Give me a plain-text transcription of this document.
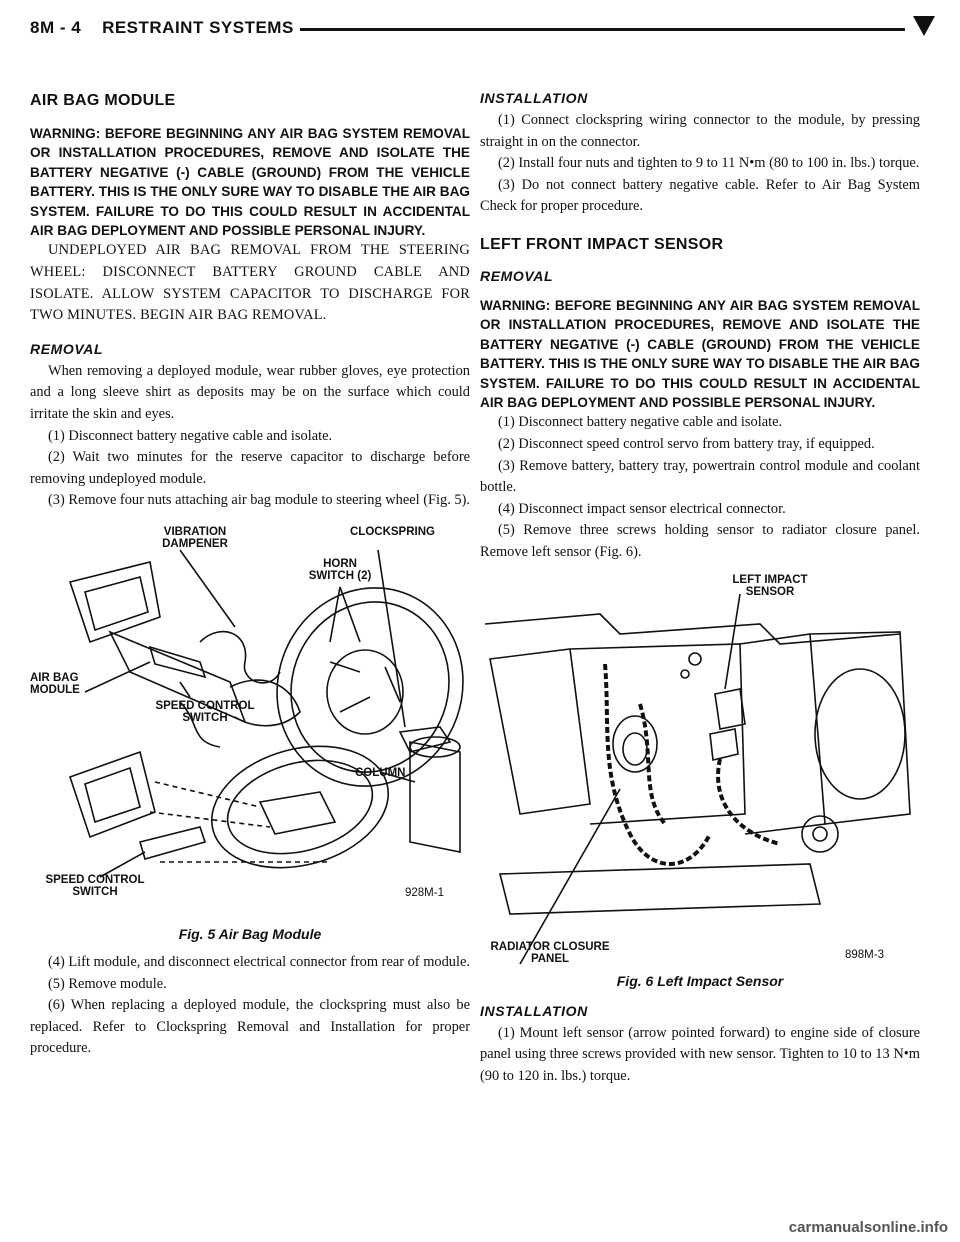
8M - 4    RESTRAINT SYSTEMS
AIR BAG MODULE

WARNING: BEFORE BEGINNING ANY AIR BAG SYSTEM REMOVAL OR INSTALLATION PROCEDURES, REMOVE AND ISOLATE THE BATTERY NEGATIVE (-) CABLE (GROUND) FROM THE VEHICLE BATTERY. THIS IS THE ONLY SURE WAY TO DISABLE THE AIR BAG SYSTEM. FAILURE TO DO THIS COULD RESULT IN ACCIDENTAL AIR BAG DEPLOYMENT AND POSSIBLE PERSONAL INJURY.

UNDEPLOYED AIR BAG REMOVAL FROM THE STEERING WHEEL: DISCONNECT BATTERY GROUND CABLE AND ISOLATE. ALLOW SYSTEM CAPACITOR TO DISCHARGE FOR TWO MINUTES. BEGIN AIR BAG REMOVAL.

REMOVAL

When removing a deployed module, wear rubber gloves, eye protection and a long sleeve shirt as deposits may be on the surface which could irritate the skin and eyes.

(1) Disconnect battery negative cable and isolate.

(2) Wait two minutes for the reserve capacitor to discharge before removing undeployed module.

(3) Remove four nuts attaching air bag module to steering wheel (Fig. 5).

VIBRATION DAMPENER
CLOCKSPRING
HORN SWITCH (2)
AIR BAG MODULE
SPEED CONTROL SWITCH
COLUMN
SPEED CONTROL SWITCH	928M-1
Fig. 5 Air Bag Module

(4) Lift module, and disconnect electrical connector from rear of module.

(5) Remove module.

(6) When replacing a deployed module, the clockspring must also be replaced. Refer to Clockspring Removal and Installation for proper procedure.

INSTALLATION

(1) Connect clockspring wiring connector to the module, by pressing straight in on the connector.

(2) Install four nuts and tighten to 9 to 11 N•m (80 to 100 in. lbs.) torque.

(3) Do not connect battery negative cable. Refer to Air Bag System Check for proper procedure.

LEFT FRONT IMPACT SENSOR
REMOVAL

WARNING: BEFORE BEGINNING ANY AIR BAG SYSTEM REMOVAL OR INSTALLATION PROCEDURES, REMOVE AND ISOLATE THE BATTERY NEGATIVE (-) CABLE (GROUND) FROM THE VEHICLE BATTERY. THIS IS THE ONLY SURE WAY TO DISABLE THE AIR BAG SYSTEM. FAILURE TO DO THIS COULD RESULT IN ACCIDENTAL AIR BAG DEPLOYMENT AND POSSIBLE PERSONAL INJURY.

(1) Disconnect battery negative cable and isolate.

(2) Disconnect speed control servo from battery tray, if equipped.

(3) Remove battery, battery tray, powertrain control module and coolant bottle.

(4) Disconnect impact sensor electrical connector.

(5) Remove three screws holding sensor to radiator closure panel. Remove left sensor (Fig. 6).

LEFT IMPACT SENSOR
RADIATOR CLOSURE PANEL	898M-3
Fig. 6 Left Impact Sensor
INSTALLATION

(1) Mount left sensor (arrow pointed forward) to engine side of closure panel using three screws provided with new sensor. Tighten to 10 to 13 N•m (90 to 120 in. lbs.) torque.

carmanualsonline.info
